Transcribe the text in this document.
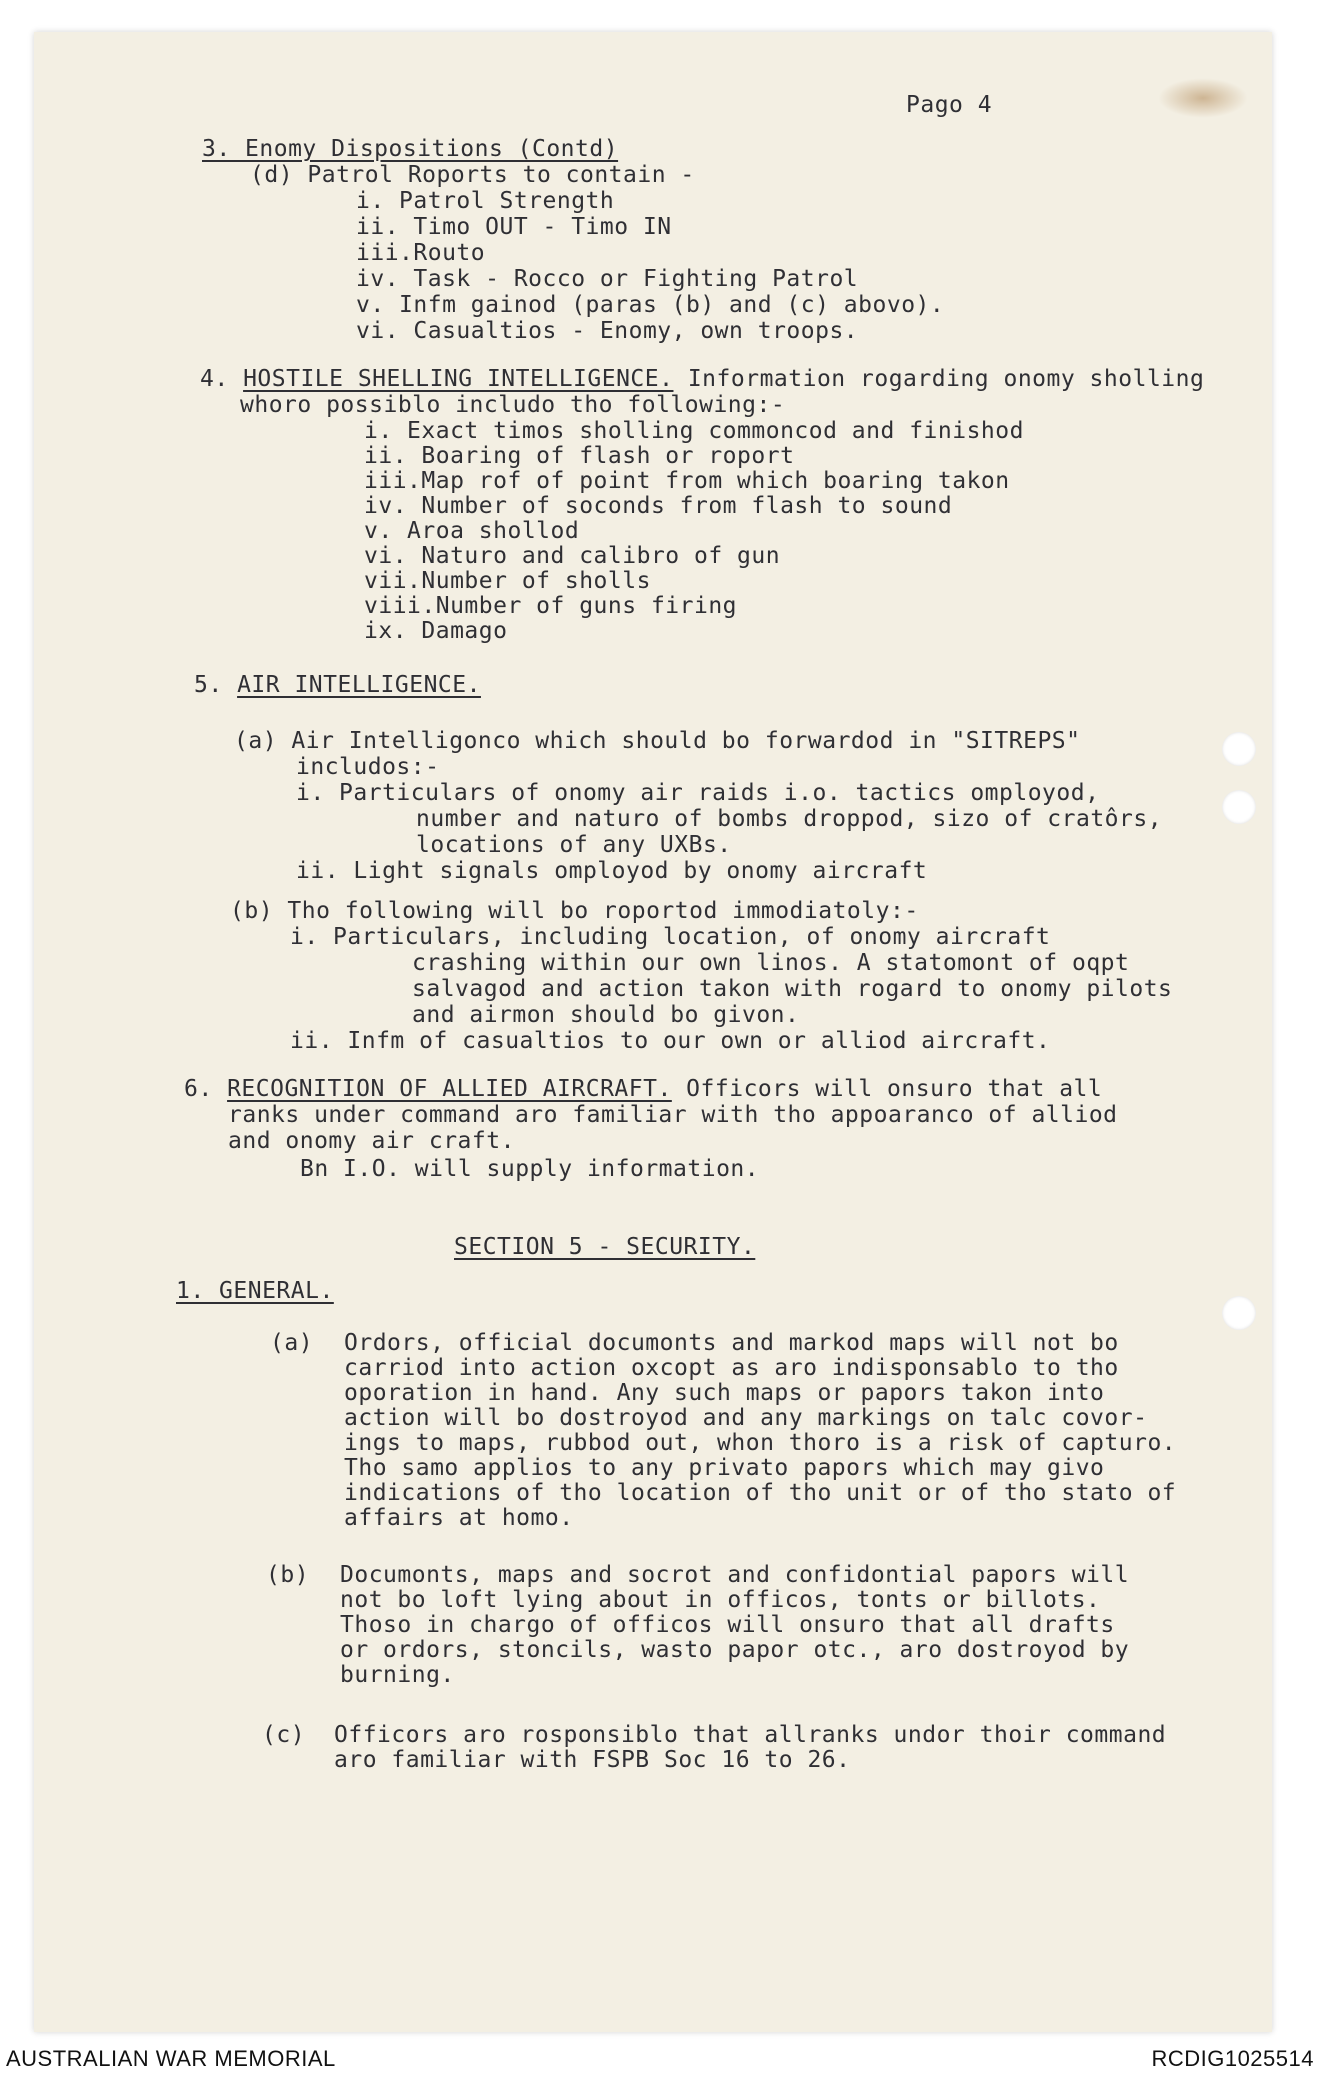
Pago 4
3. Enomy Dispositions (Contd)
(d) Patrol Roports to contain -
i. Patrol Strength
ii. Timo OUT - Timo IN
iii.Routo
iv. Task - Rocco or Fighting Patrol
v. Infm gainod (paras (b) and (c) abovo).
vi. Casualtios - Enomy, own troops.
4. HOSTILE SHELLING INTELLIGENCE. Information rogarding onomy sholling
whoro possiblo includo tho following:-
i. Exact timos sholling commoncod and finishod
ii. Boaring of flash or roport
iii.Map rof of point from which boaring takon
iv. Number of soconds from flash to sound
v. Aroa shollod
vi. Naturo and calibro of gun
vii.Number of sholls
viii.Number of guns firing
ix. Damago
5. AIR INTELLIGENCE.
(a) Air Intelligonco which should bo forwardod in "SITREPS"
includos:-
i. Particulars of onomy air raids i.o. tactics omployod,
number and naturo of bombs droppod, sizo of cratôrs,
locations of any UXBs.
ii. Light signals omployod by onomy aircraft
(b) Tho following will bo roportod immodiatoly:-
i. Particulars, including location, of onomy aircraft
crashing within our own linos. A statomont of oqpt
salvagod and action takon with rogard to onomy pilots
and airmon should bo givon.
ii. Infm of casualtios to our own or alliod aircraft.
6. RECOGNITION OF ALLIED AIRCRAFT. Officors will onsuro that all
ranks under command aro familiar with tho appoaranco of alliod
and onomy air craft.
Bn I.O. will supply information.
SECTION 5 - SECURITY.
1. GENERAL.
(a) Ordors, official documonts and markod maps will not bo
carriod into action oxcopt as aro indisponsablo to tho
oporation in hand. Any such maps or papors takon into
action will bo dostroyod and any markings on talc covor-
ings to maps, rubbod out, whon thoro is a risk of capturo.
Tho samo applios to any privato papors which may givo
indications of tho location of tho unit or of tho stato of
affairs at homo.
(b) Documonts, maps and socrot and confidontial papors will
not bo loft lying about in officos, tonts or billots.
Thoso in chargo of officos will onsuro that all drafts
or ordors, stoncils, wasto papor otc., aro dostroyod by
burning.
(c) Officors aro rosponsiblo that allranks undor thoir command
aro familiar with FSPB Soc 16 to 26.
AUSTRALIAN WAR MEMORIAL	RCDIG1025514
